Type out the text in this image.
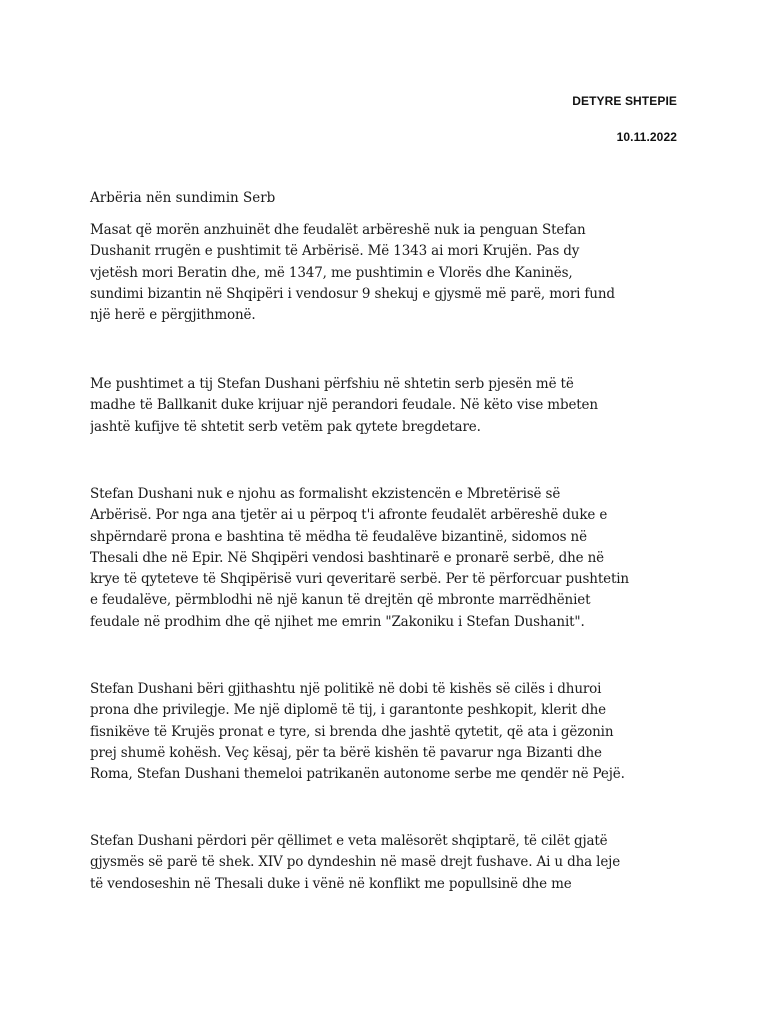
DETYRE SHTEPIE
10.11.2022
Arbëria nën sundimin Serb

Masat që morën anzhuinët dhe feudalët arbëreshë nuk ia penguan Stefan
Dushanit rrugën e pushtimit të Arbërisë. Më 1343 ai mori Krujën. Pas dy
vjetësh mori Beratin dhe, më 1347, me pushtimin e Vlorës dhe Kaninës,
sundimi bizantin në Shqipëri i vendosur 9 shekuj e gjysmë më parë, mori fund
një herë e përgjithmonë.

Me pushtimet a tij Stefan Dushani përfshiu në shtetin serb pjesën më të
madhe të Ballkanit duke krijuar një perandori feudale. Në këto vise mbeten
jashtë kufijve të shtetit serb vetëm pak qytete bregdetare.

Stefan Dushani nuk e njohu as formalisht ekzistencën e Mbretërisë së
Arbërisë. Por nga ana tjetër ai u përpoq t'i afronte feudalët arbëreshë duke e
shpërndarë prona e bashtina të mëdha të feudalëve bizantinë, sidomos në
Thesali dhe në Epir. Në Shqipëri vendosi bashtinarë e pronarë serbë, dhe në
krye të qyteteve të Shqipërisë vuri qeveritarë serbë. Per të përforcuar pushtetin
e feudalëve, përmblodhi në një kanun të drejtën që mbronte marrëdhëniet
feudale në prodhim dhe që njihet me emrin "Zakoniku i Stefan Dushanit".

Stefan Dushani bëri gjithashtu një politikë në dobi të kishës së cilës i dhuroi
prona dhe privilegje. Me një diplomë të tij, i garantonte peshkopit, klerit dhe
fisnikëve të Krujës pronat e tyre, si brenda dhe jashtë qytetit, që ata i gëzonin
prej shumë kohësh. Veç kësaj, për ta bërë kishën të pavarur nga Bizanti dhe
Roma, Stefan Dushani themeloi patrikanën autonome serbe me qendër në Pejë.

Stefan Dushani përdori për qëllimet e veta malësorët shqiptarë, të cilët gjatë
gjysmës së parë të shek. XIV po dyndeshin në masë drejt fushave. Ai u dha leje
të vendoseshin në Thesali duke i vënë në konflikt me popullsinë dhe me
